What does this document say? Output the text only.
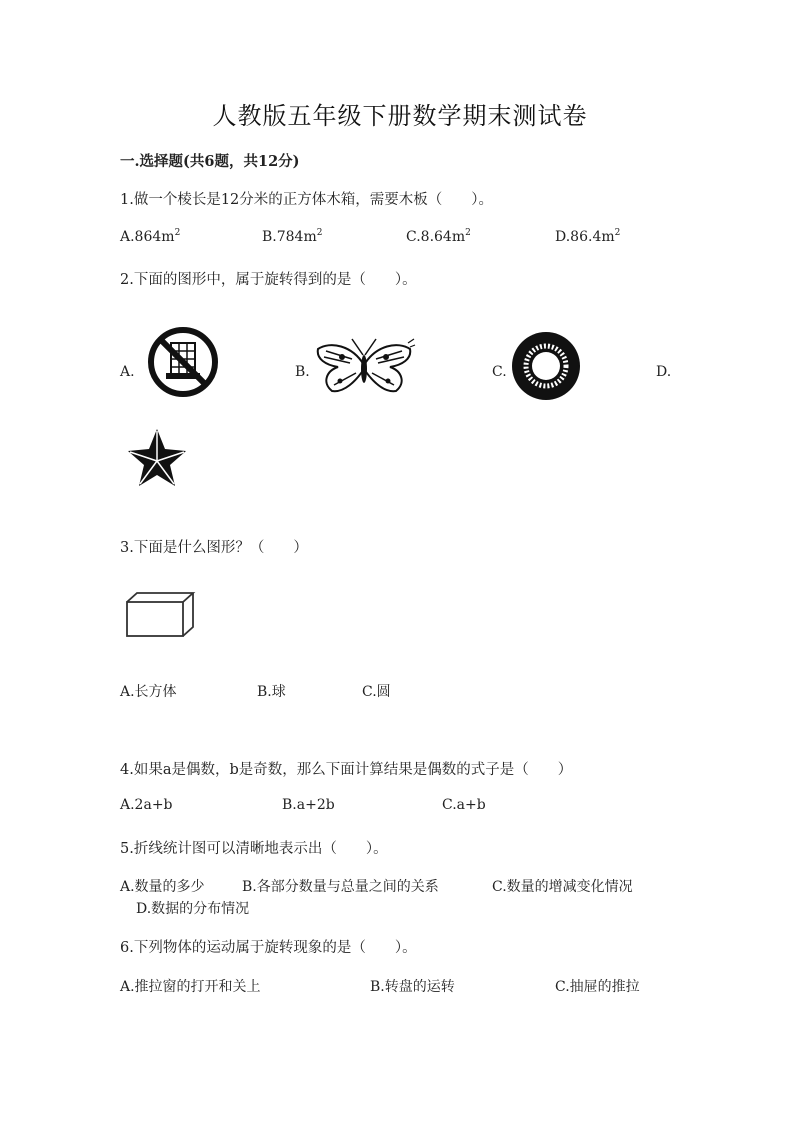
人教版五年级下册数学期末测试卷
一.选择题(共6题，共12分)
1.做一个棱长是12分米的正方体木箱，需要木板（　　）。
$A.864m^2$	$B.784m^2$	$C.8.64m^2$	$D.86.4m^2$
2.下面的图形中，属于旋转得到的是（　　）。
A.	B.	C.	D.
3.下面是什么图形？（　　）
A.长方体	B.球	C.圆
4.如果a是偶数，b是奇数，那么下面计算结果是偶数的式子是（　　）
A.2a+b	B.a+2b	C.a+b
5.折线统计图可以清晰地表示出（　　）。
A.数量的多少	B.各部分数量与总量之间的关系	C.数量的增减变化情况
D.数据的分布情况
6.下列物体的运动属于旋转现象的是（　　）。
A.推拉窗的打开和关上	B.转盘的运转	C.抽屉的推拉
